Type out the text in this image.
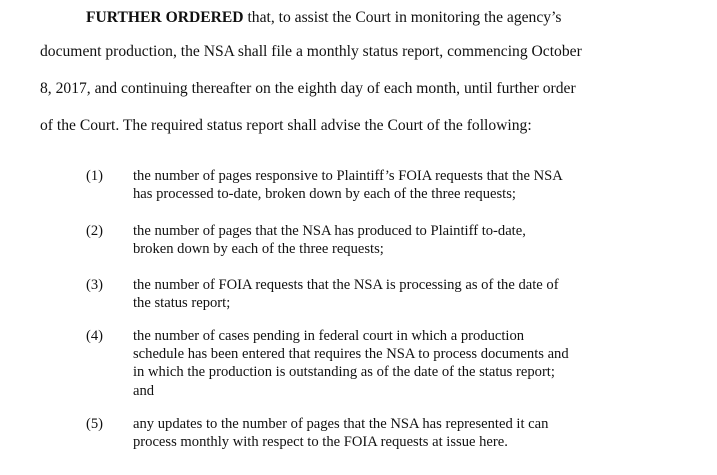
FURTHER ORDERED that, to assist the Court in monitoring the agency’s
document production, the NSA shall file a monthly status report, commencing October
8, 2017, and continuing thereafter on the eighth day of each month, until further order
of the Court. The required status report shall advise the Court of the following:
(1) the number of pages responsive to Plaintiff’s FOIA requests that the NSA
has processed to-date, broken down by each of the three requests;
(2) the number of pages that the NSA has produced to Plaintiff to-date,
broken down by each of the three requests;
(3) the number of FOIA requests that the NSA is processing as of the date of
the status report;
(4) the number of cases pending in federal court in which a production
schedule has been entered that requires the NSA to process documents and
in which the production is outstanding as of the date of the status report;
and
(5) any updates to the number of pages that the NSA has represented it can
process monthly with respect to the FOIA requests at issue here.
